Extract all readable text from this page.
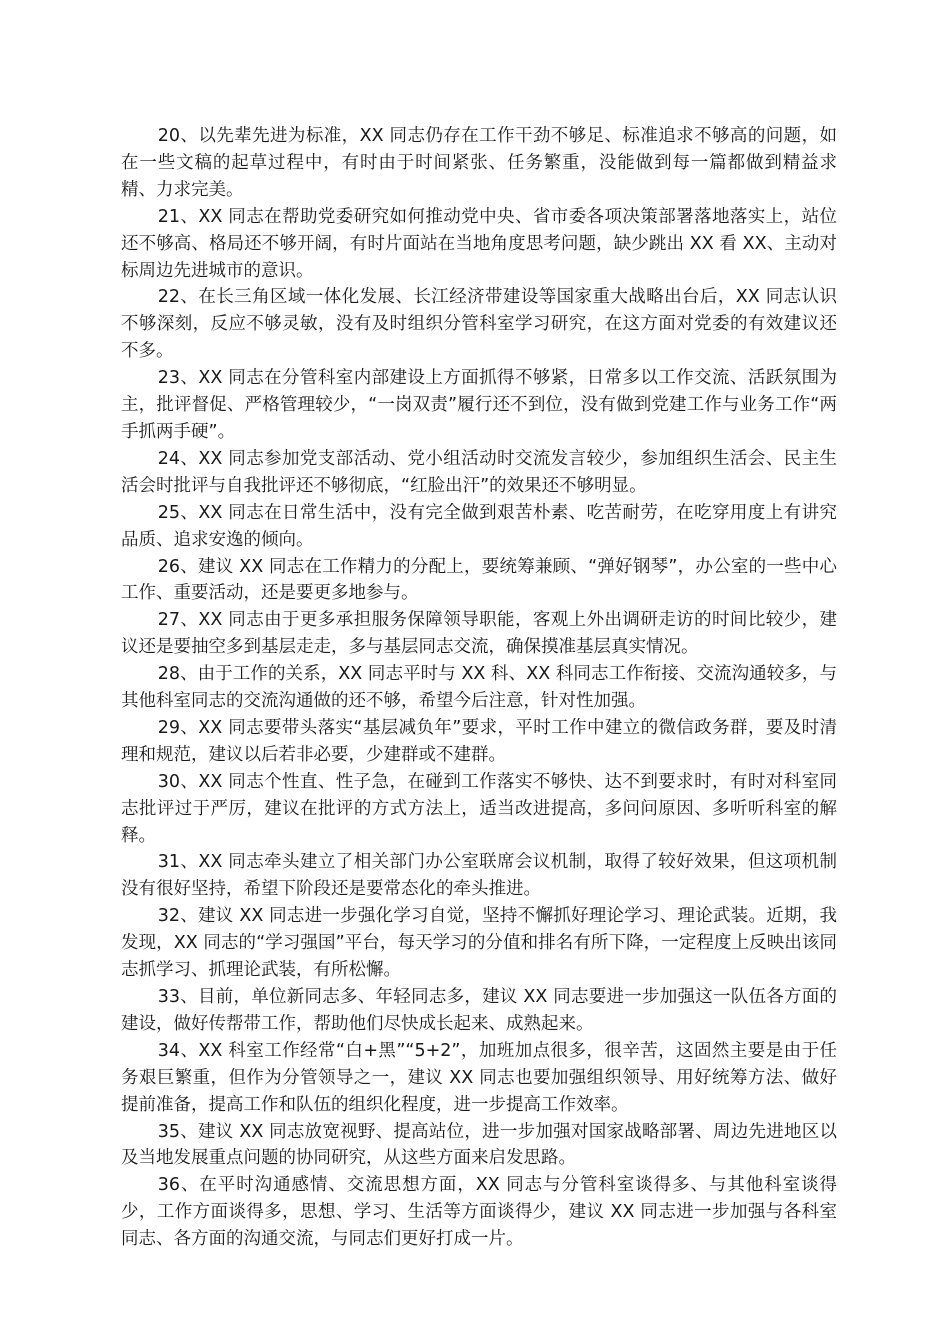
20、以先辈先进为标准，XX 同志仍存在工作干劲不够足、标准追求不够高的问题，如在一些文稿的起草过程中，有时由于时间紧张、任务繁重，没能做到每一篇都做到精益求精、力求完美。

21、XX 同志在帮助党委研究如何推动党中央、省市委各项决策部署落地落实上，站位还不够高、格局还不够开阔，有时片面站在当地角度思考问题，缺少跳出 XX 看 XX、主动对标周边先进城市的意识。

22、在长三角区域一体化发展、长江经济带建设等国家重大战略出台后，XX 同志认识不够深刻，反应不够灵敏，没有及时组织分管科室学习研究，在这方面对党委的有效建议还不多。

23、XX 同志在分管科室内部建设上方面抓得不够紧，日常多以工作交流、活跃氛围为主，批评督促、严格管理较少，“一岗双责”履行还不到位，没有做到党建工作与业务工作“两手抓两手硬”。

24、XX 同志参加党支部活动、党小组活动时交流发言较少，参加组织生活会、民主生活会时批评与自我批评还不够彻底，“红脸出汗”的效果还不够明显。

25、XX 同志在日常生活中，没有完全做到艰苦朴素、吃苦耐劳，在吃穿用度上有讲究品质、追求安逸的倾向。

26、建议 XX 同志在工作精力的分配上，要统筹兼顾、“弹好钢琴”，办公室的一些中心工作、重要活动，还是要更多地参与。

27、XX 同志由于更多承担服务保障领导职能，客观上外出调研走访的时间比较少，建议还是要抽空多到基层走走，多与基层同志交流，确保摸准基层真实情况。

28、由于工作的关系，XX 同志平时与 XX 科、XX 科同志工作衔接、交流沟通较多，与其他科室同志的交流沟通做的还不够，希望今后注意，针对性加强。

29、XX 同志要带头落实“基层减负年”要求，平时工作中建立的微信政务群，要及时清理和规范，建议以后若非必要，少建群或不建群。

30、XX 同志个性直、性子急，在碰到工作落实不够快、达不到要求时，有时对科室同志批评过于严厉，建议在批评的方式方法上，适当改进提高，多问问原因、多听听科室的解释。

31、XX 同志牵头建立了相关部门办公室联席会议机制，取得了较好效果，但这项机制没有很好坚持，希望下阶段还是要常态化的牵头推进。

32、建议 XX 同志进一步强化学习自觉，坚持不懈抓好理论学习、理论武装。近期，我发现，XX 同志的“学习强国”平台，每天学习的分值和排名有所下降，一定程度上反映出该同志抓学习、抓理论武装，有所松懈。

33、目前，单位新同志多、年轻同志多，建议 XX 同志要进一步加强这一队伍各方面的建设，做好传帮带工作，帮助他们尽快成长起来、成熟起来。

34、XX 科室工作经常“白+黑”“5+2”，加班加点很多，很辛苦，这固然主要是由于任务艰巨繁重，但作为分管领导之一，建议 XX 同志也要加强组织领导、用好统筹方法、做好提前准备，提高工作和队伍的组织化程度，进一步提高工作效率。

35、建议 XX 同志放宽视野、提高站位，进一步加强对国家战略部署、周边先进地区以及当地发展重点问题的协同研究，从这些方面来启发思路。

36、在平时沟通感情、交流思想方面，XX 同志与分管科室谈得多、与其他科室谈得少，工作方面谈得多，思想、学习、生活等方面谈得少，建议 XX 同志进一步加强与各科室同志、各方面的沟通交流，与同志们更好打成一片。
